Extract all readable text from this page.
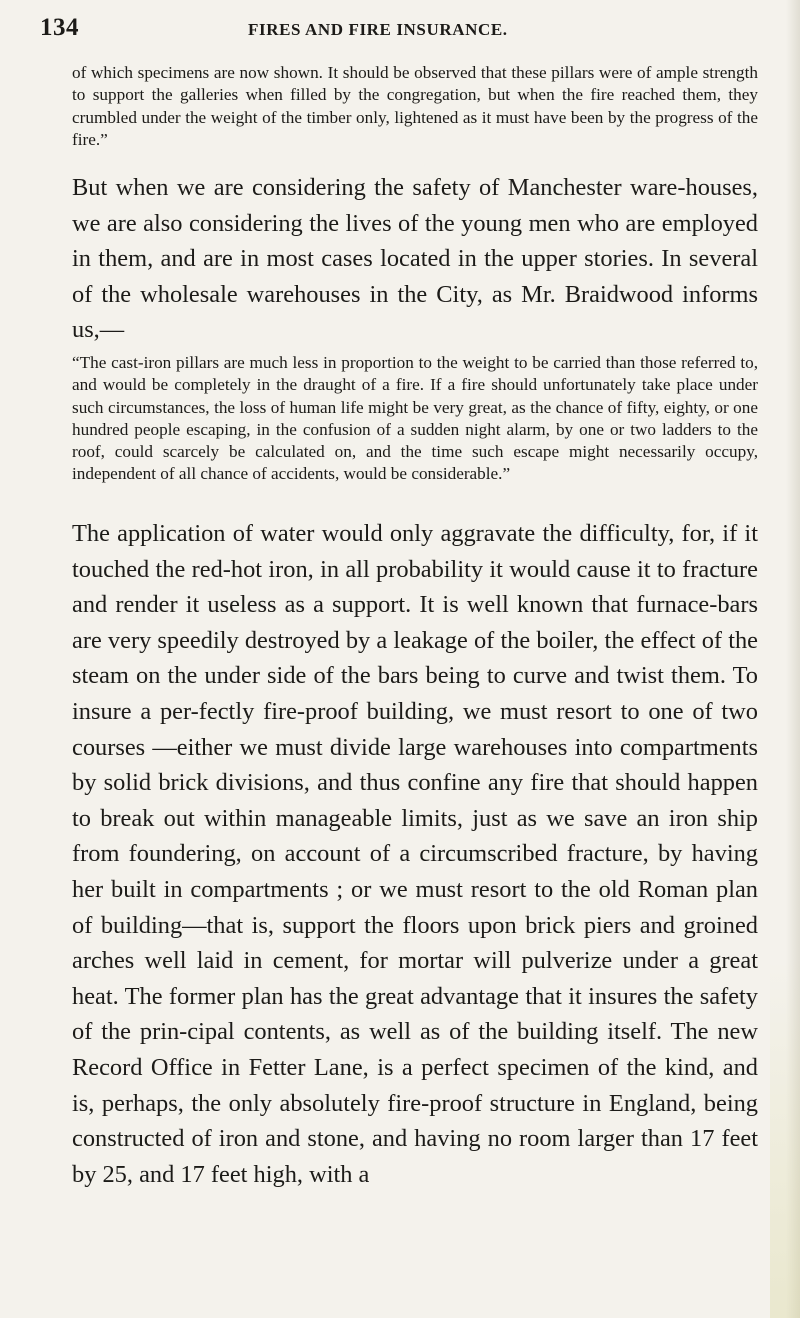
134	FIRES AND FIRE INSURANCE.

of which specimens are now shown. It should be observed that these pillars were of ample strength to support the galleries when filled by the congregation, but when the fire reached them, they crumbled under the weight of the timber only, lightened as it must have been by the progress of the fire.”

But when we are considering the safety of Manchester ware-houses, we are also considering the lives of the young men who are employed in them, and are in most cases located in the upper stories. In several of the wholesale warehouses in the City, as Mr. Braidwood informs us,—

“The cast-iron pillars are much less in proportion to the weight to be carried than those referred to, and would be completely in the draught of a fire. If a fire should unfortunately take place under such circumstances, the loss of human life might be very great, as the chance of fifty, eighty, or one hundred people escaping, in the confusion of a sudden night alarm, by one or two ladders to the roof, could scarcely be calculated on, and the time such escape might necessarily occupy, independent of all chance of accidents, would be considerable.”

The application of water would only aggravate the difficulty, for, if it touched the red-hot iron, in all probability it would cause it to fracture and render it useless as a support. It is well known that furnace-bars are very speedily destroyed by a leakage of the boiler, the effect of the steam on the under side of the bars being to curve and twist them. To insure a per-fectly fire-proof building, we must resort to one of two courses —either we must divide large warehouses into compartments by solid brick divisions, and thus confine any fire that should happen to break out within manageable limits, just as we save an iron ship from foundering, on account of a circumscribed fracture, by having her built in compartments ; or we must resort to the old Roman plan of building—that is, support the floors upon brick piers and groined arches well laid in cement, for mortar will pulverize under a great heat. The former plan has the great advantage that it insures the safety of the prin-cipal contents, as well as of the building itself. The new Record Office in Fetter Lane, is a perfect specimen of the kind, and is, perhaps, the only absolutely fire-proof structure in England, being constructed of iron and stone, and having no room larger than 17 feet by 25, and 17 feet high, with a
